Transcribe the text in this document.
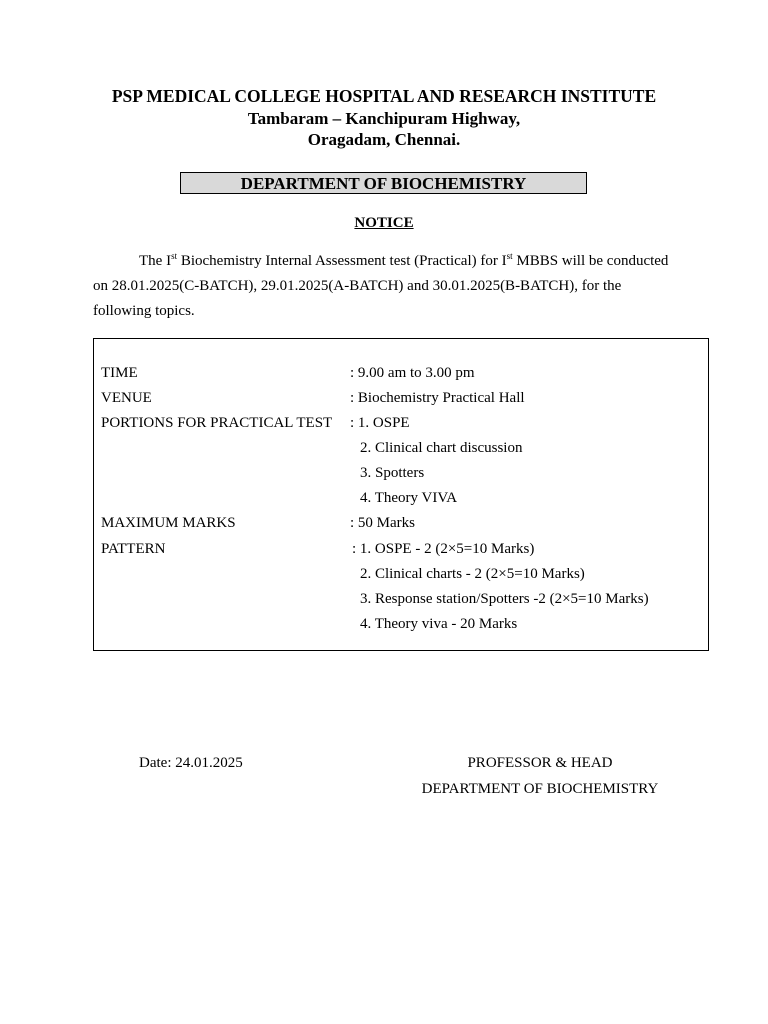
PSP MEDICAL COLLEGE HOSPITAL AND RESEARCH INSTITUTE
Tambaram – Kanchipuram Highway,
Oragadam, Chennai.
DEPARTMENT OF BIOCHEMISTRY
NOTICE
The Ist Biochemistry Internal Assessment test (Practical) for Ist MBBS will be conducted on 28.01.2025(C-BATCH), 29.01.2025(A-BATCH) and 30.01.2025(B-BATCH), for the following topics.
TIME	: 9.00 am to 3.00 pm
VENUE	: Biochemistry Practical Hall
PORTIONS FOR PRACTICAL TEST : 1. OSPE
2. Clinical chart discussion
3. Spotters
4. Theory VIVA
MAXIMUM MARKS	: 50 Marks
PATTERN	: 1. OSPE - 2 (2×5=10 Marks)
2. Clinical charts - 2 (2×5=10 Marks)
3. Response station/Spotters -2 (2×5=10 Marks)
4. Theory viva - 20 Marks
Date: 24.01.2025	PROFESSOR & HEAD
DEPARTMENT OF BIOCHEMISTRY
